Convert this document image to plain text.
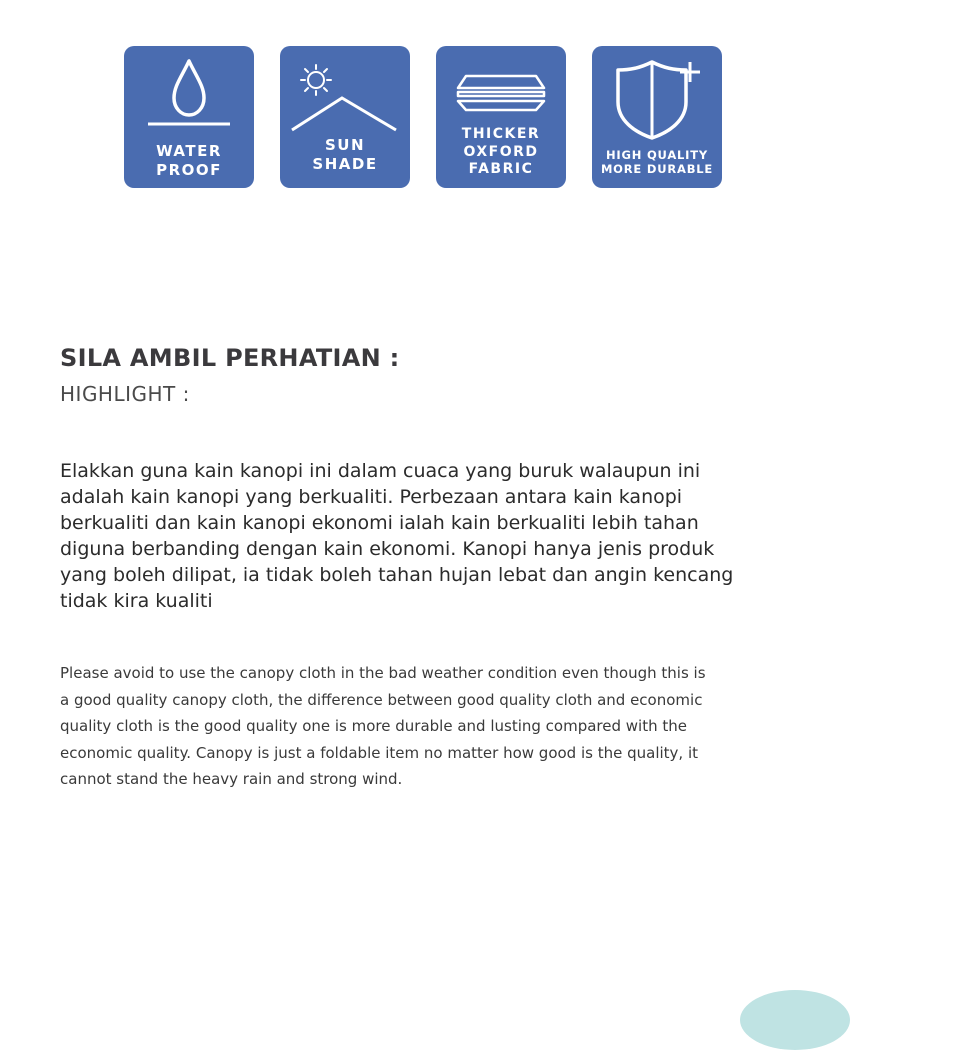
WATER
PROOF
SUN
SHADE
THICKER
OXFORD
FABRIC
HIGH QUALITY
MORE DURABLE
SILA AMBIL PERHATIAN :
HIGHLIGHT :
Elakkan guna kain kanopi ini dalam cuaca yang buruk walaupun ini
adalah kain kanopi yang berkualiti. Perbezaan antara kain kanopi
berkualiti dan kain kanopi ekonomi ialah kain berkualiti lebih tahan
diguna berbanding dengan kain ekonomi. Kanopi hanya jenis produk
yang boleh dilipat, ia tidak boleh tahan hujan lebat dan angin kencang
tidak kira kualiti
Please avoid to use the canopy cloth in the bad weather condition even though this is
a good quality canopy cloth, the difference between good quality cloth and economic
quality cloth is the good quality one is more durable and lusting compared with the
economic quality. Canopy is just a foldable item no matter how good is the quality, it
cannot stand the heavy rain and strong wind.
